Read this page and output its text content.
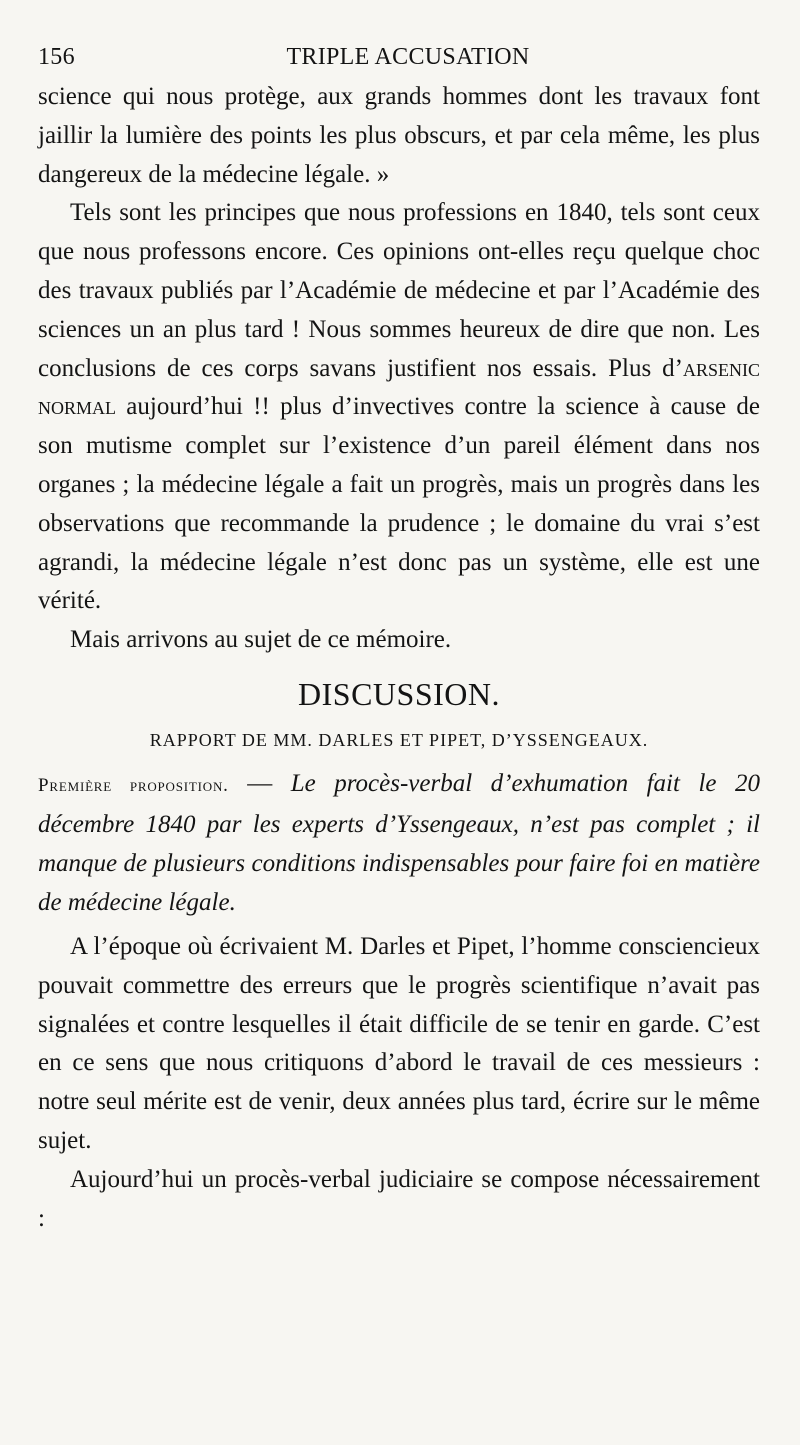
156	TRIPLE ACCUSATION

science qui nous protège, aux grands hommes dont les travaux font jaillir la lumière des points les plus obscurs, et par cela même, les plus dangereux de la médecine légale. »

Tels sont les principes que nous professions en 1840, tels sont ceux que nous professons encore. Ces opinions ont-elles reçu quelque choc des travaux publiés par l’Académie de médecine et par l’Académie des sciences un an plus tard ! Nous sommes heureux de dire que non. Les conclusions de ces corps savans justifient nos essais. Plus d’arsenic normal aujourd’hui !! plus d’invectives contre la science à cause de son mutisme complet sur l’existence d’un pareil élément dans nos organes ; la médecine légale a fait un progrès, mais un progrès dans les observations que recommande la prudence ; le domaine du vrai s’est agrandi, la médecine légale n’est donc pas un système, elle est une vérité.

Mais arrivons au sujet de ce mémoire.

DISCUSSION.
RAPPORT DE MM. DARLES ET PIPET, D’YSSENGEAUX.

Première proposition. — Le procès-verbal d’exhumation fait le 20 décembre 1840 par les experts d’Yssengeaux, n’est pas complet ; il manque de plusieurs conditions indispensables pour faire foi en matière de médecine légale.

A l’époque où écrivaient M. Darles et Pipet, l’homme consciencieux pouvait commettre des erreurs que le progrès scientifique n’avait pas signalées et contre lesquelles il était difficile de se tenir en garde. C’est en ce sens que nous critiquons d’abord le travail de ces messieurs : notre seul mérite est de venir, deux années plus tard, écrire sur le même sujet.

Aujourd’hui un procès-verbal judiciaire se compose nécessairement :
